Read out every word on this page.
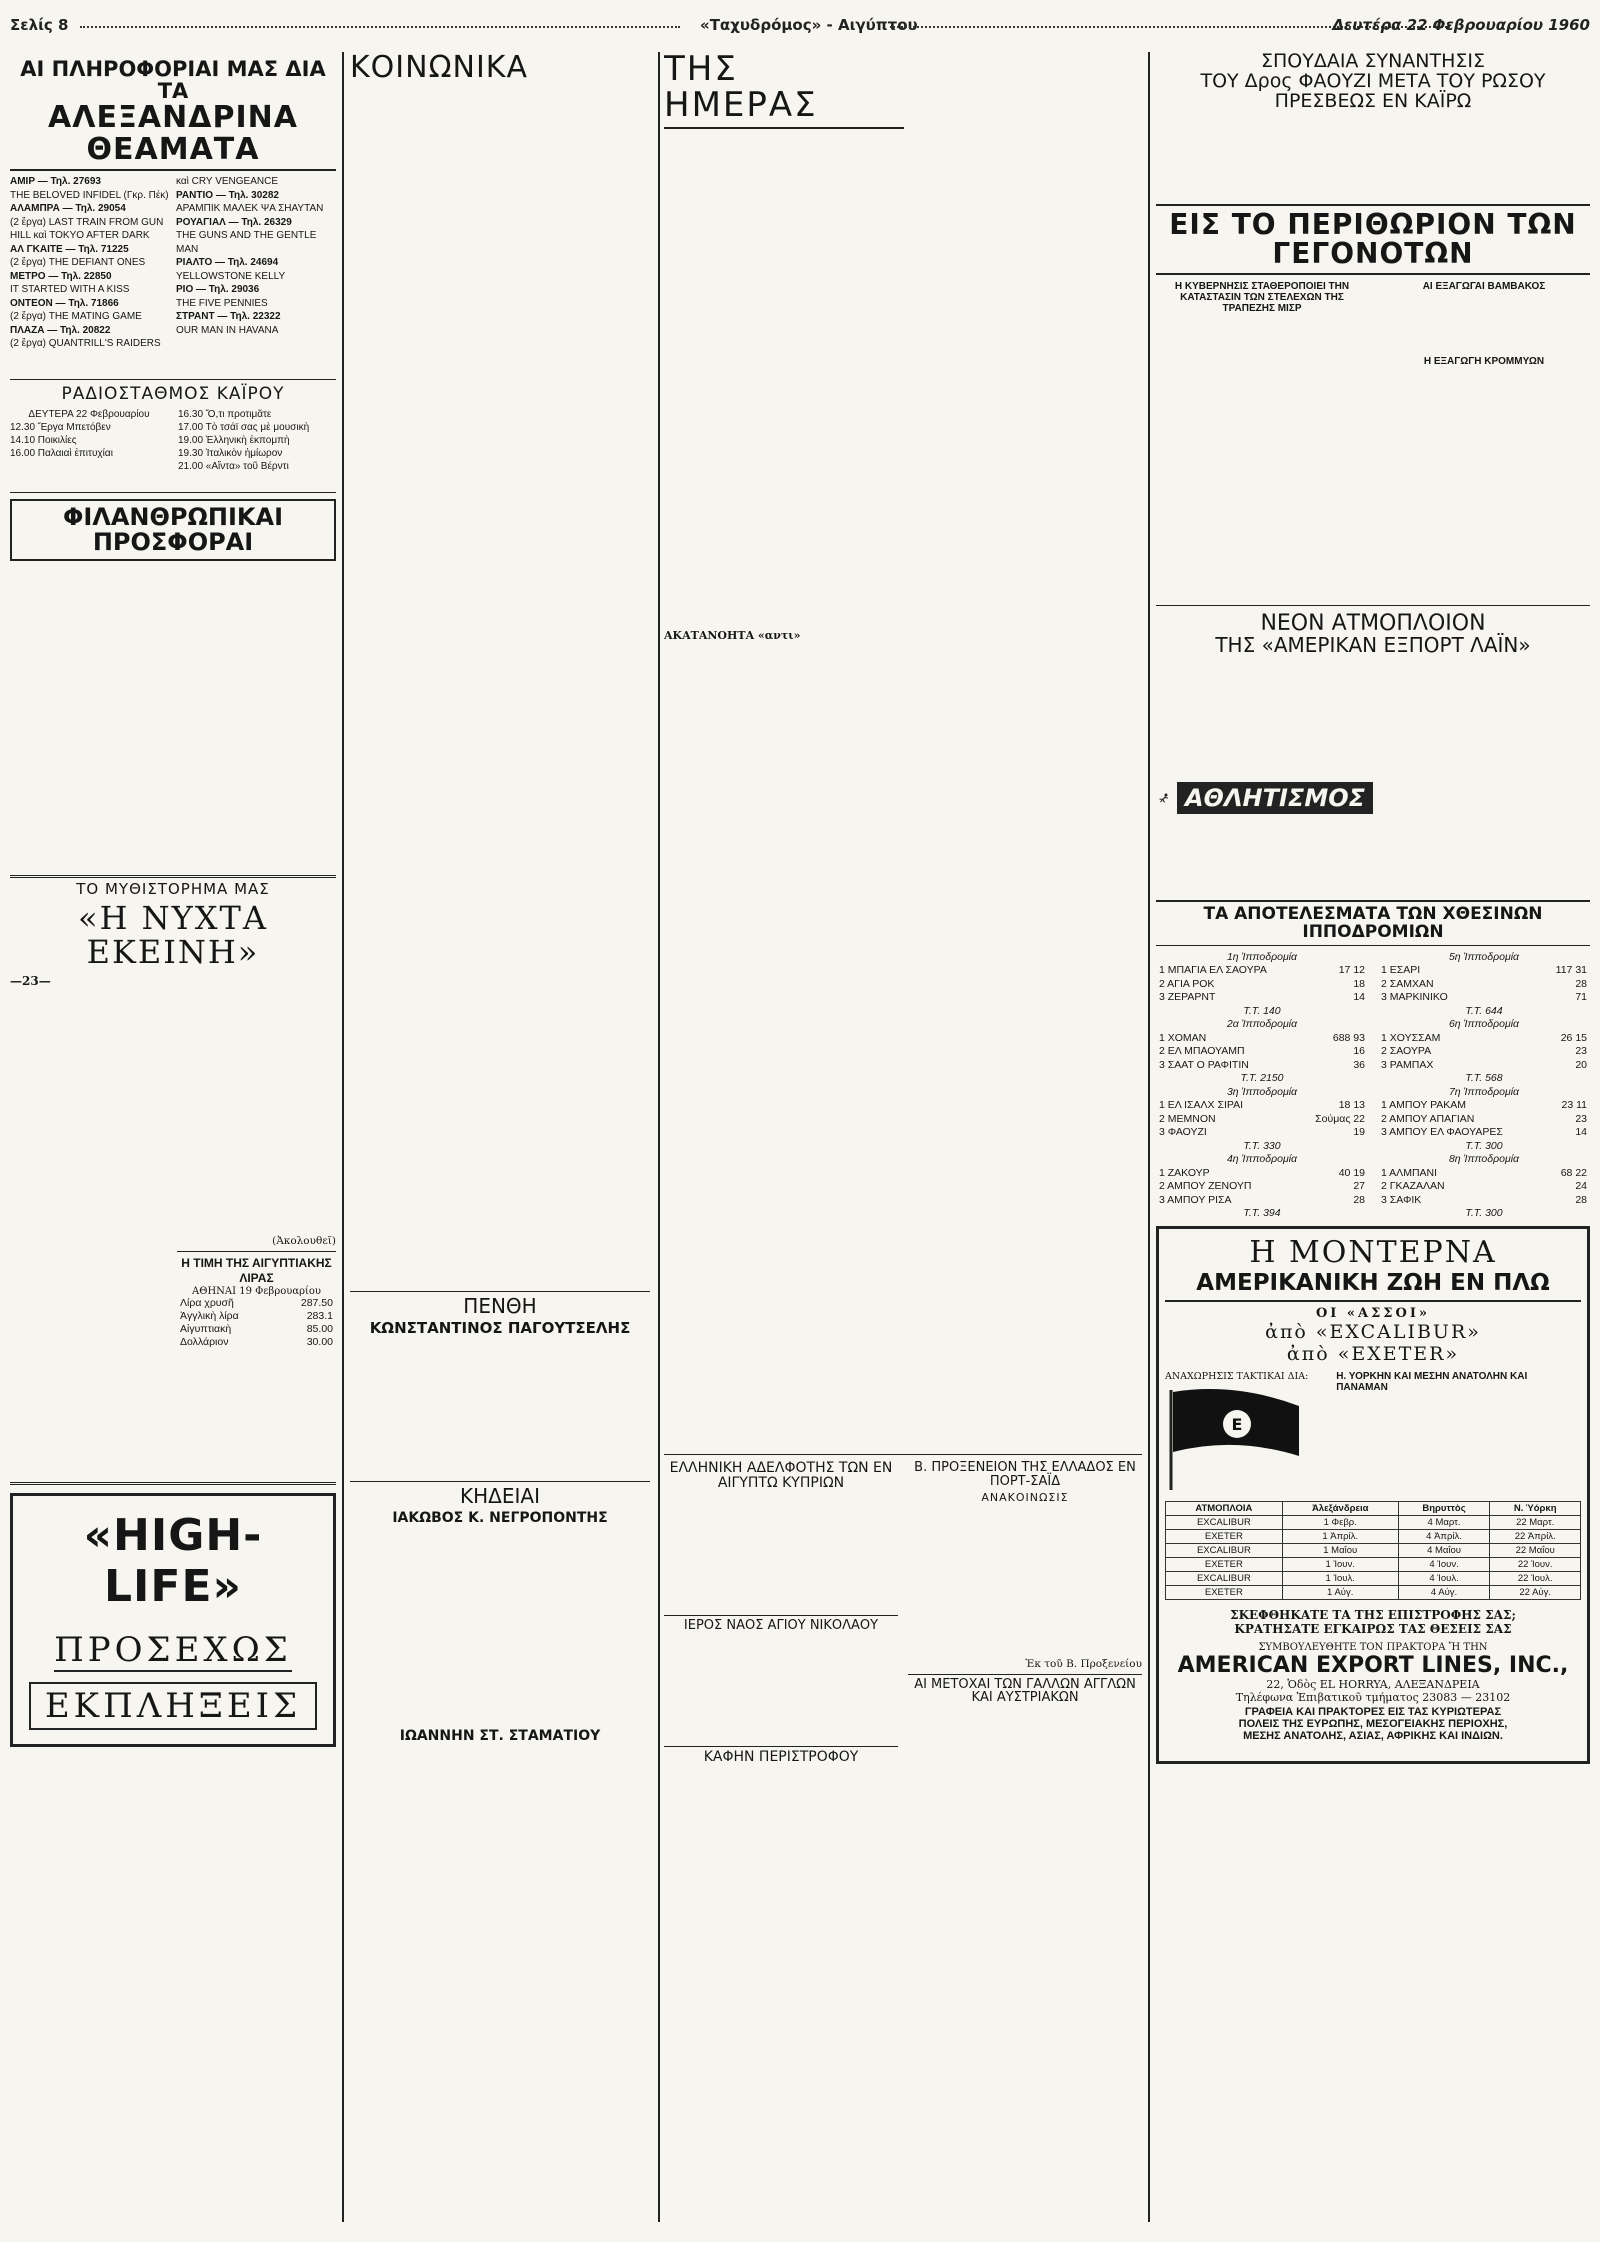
Σελίς 8	«Ταχυδρόμος» - Αιγύπτου	Δευτέρα 22 Φεβρουαρίου 1960
ΑΙ ΠΛΗΡΟΦΟΡΙΑΙ ΜΑΣ ΔΙΑ ΤΑ
ΑΛΕΞΑΝΔΡΙΝΑ ΘΕΑΜΑΤΑ
ΑΜΙΡ — Τηλ. 27693
THE BELOVED INFIDEL (Γκρ. Πέκ)
ΑΛΑΜΠΡΑ — Τηλ. 29054
(2 ἔργα) LAST TRAIN FROM GUN HILL καὶ TOKYO AFTER DARK
ΑΛ ΓΚΑΙΤΕ — Τηλ. 71225
(2 ἔργα) THE DEFIANT ONES
ΜΕΤΡΟ — Τηλ. 22850
IT STARTED WITH A KISS
ΟΝΤΕΟΝ — Τηλ. 71866
(2 ἔργα) THE MATING GAME
ΠΛΑΖΑ — Τηλ. 20822
(2 ἔργα) QUANTRILL'S RAIDERS
καὶ CRY VENGEANCE
ΡΑΝΤΙΟ — Τηλ. 30282
ΑΡΑΜΠΙΚ ΜΑΛΕΚ ΨΑ ΣΗΑΥΤΑΝ
ΡΟΥΑΓΙΑΛ — Τηλ. 26329
THE GUNS AND THE GENTLE MAN
ΡΙΑΛΤΟ — Τηλ. 24694
YELLOWSTONE KELLY
ΡΙΟ — Τηλ. 29036
THE FIVE PENNIES
ΣΤΡΑΝΤ — Τηλ. 22322
OUR MAN IN HAVANA
ΡΑΔΙΟΣΤΑΘΜΟΣ ΚΑΪΡΟΥ
ΔΕΥΤΕΡΑ 22 Φεβρουαρίου
12.30 Ἔργα Μπετόβεν
14.10 Ποικιλίες
16.00 Παλαιαὶ ἐπιτυχίαι
16.30 Ὅ,τι προτιμᾶτε
17.00 Τὸ τσάϊ σας μὲ μουσικὴ
19.00 Ἑλληνικὴ ἐκπομπὴ
19.30 Ἰταλικὸν ἡμίωρον
21.00 «Αἴντα» τοῦ Βέρντι
ΦΙΛΑΝΘΡΩΠΙΚΑΙ ΠΡΟΣΦΟΡΑΙ
ΤΟ ΜΥΘΙΣΤΟΡΗΜΑ ΜΑΣ
«Η ΝΥΧΤΑ ΕΚΕΙΝΗ»
—23—
(Ἀκολουθεῖ)
Η ΤΙΜΗ ΤΗΣ ΑΙΓΥΠΤΙΑΚΗΣ ΛΙΡΑΣ
ΑΘΗΝΑΙ 19 Φεβρουαρίου
Λίρα χρυσῆ	287.50
Ἀγγλικὴ λίρα	283.1
Αἰγυπτιακὴ	85.00
Δολλάριον	30.00
«HIGH-LIFE»
ΠΡΟΣΕΧΩΣ
ΕΚΠΛΗΞΕΙΣ
ΚΟΙΝΩΝΙΚΑ
ΠΕΝΘΗ
ΚΩΝΣΤΑΝΤΙΝΟΣ ΠΑΓΟΥΤΣΕΛΗΣ
ΚΗΔΕΙΑΙ
ΙΑΚΩΒΟΣ Κ. ΝΕΓΡΟΠΟΝΤΗΣ
ΙΩΑΝΝΗΝ ΣΤ. ΣΤΑΜΑΤΙΟΥ
ΤΗΣ ΗΜΕΡΑΣ
ΑΚΑΤΑΝΟΗΤΑ «αντι»
ΕΛΛΗΝΙΚΗ ΑΔΕΛΦΟΤΗΣ ΤΩΝ ΕΝ ΑΙΓΥΠΤΩ ΚΥΠΡΙΩΝ
ΙΕΡΟΣ ΝΑΟΣ ΑΓΙΟΥ ΝΙΚΟΛΑΟΥ
ΚΑΦΗΝ ΠΕΡΙΣΤΡΟΦΟΥ
Β. ΠΡΟΞΕΝΕΙΟΝ ΤΗΣ ΕΛΛΑΔΟΣ ΕΝ ΠΟΡΤ-ΣΑΪΔ
ΑΝΑΚΟΙΝΩΣΙΣ
Ἐκ τοῦ Β. Προξενείου
ΑΙ ΜΕΤΟΧΑΙ ΤΩΝ ΓΑΛΛΩΝ ΑΓΓΛΩΝ ΚΑΙ ΑΥΣΤΡΙΑΚΩΝ
ΣΠΟΥΔΑΙΑ ΣΥΝΑΝΤΗΣΙΣ
ΤΟΥ Δρος ΦΑΟΥΖΙ ΜΕΤΑ ΤΟΥ ΡΩΣΟΥ
ΠΡΕΣΒΕΩΣ ΕΝ ΚΑΪΡΩ
ΕΙΣ ΤΟ ΠΕΡΙΘΩΡΙΟΝ ΤΩΝ ΓΕΓΟΝΟΤΩΝ
Η ΚΥΒΕΡΝΗΣΙΣ ΣΤΑΘΕΡΟΠΟΙΕΙ ΤΗΝ ΚΑΤΑΣΤΑΣΙΝ ΤΩΝ ΣΤΕΛΕΧΩΝ ΤΗΣ ΤΡΑΠΕΖΗΣ ΜΙΣΡ
ΑΙ ΕΞΑΓΩΓΑΙ ΒΑΜΒΑΚΟΣ
Η ΕΞΑΓΩΓΗ ΚΡΟΜΜΥΩΝ
ΝΕΟΝ ΑΤΜΟΠΛΟΙΟΝ
ΤΗΣ «ΑΜΕΡΙΚΑΝ ΕΞΠΟΡΤ ΛΑΪΝ»
ΑΘΛΗΤΙΣΜΟΣ
ΤΑ ΑΠΟΤΕΛΕΣΜΑΤΑ ΤΩΝ ΧΘΕΣΙΝΩΝ ΙΠΠΟΔΡΟΜΙΩΝ
1η Ἱπποδρομία	
1 ΜΠΑΓΙΑ ΕΛ ΣΑΟΥΡΑ	17 12
2 ΑΓΙΑ ΡΟΚ	18
3 ΖΕΡΑΡΝΤ	14
Τ.Τ. 140	
2α Ἱπποδρομία	
1 ΧΟΜΑΝ	688 93
2 ΕΛ ΜΠΑΟΥΑΜΠ	16
3 ΣΑΑΤ Ο ΡΑΦΙΤΙΝ	36
Τ.Τ. 2150	
3η Ἱπποδρομία	
1 ΕΛ ΙΣΑΛΧ ΣΙΡΑΙ	18 13
2 ΜΕΜΝΟΝ	Σούμας 22
3 ΦΑΟΥΖΙ	19
Τ.Τ. 330	
4η Ἱπποδρομία	
1 ΖΑΚΟΥΡ	40 19
2 ΑΜΠΟΥ ΖΕΝΟΥΠ	27
3 ΑΜΠΟΥ ΡΙΣΑ	28
Τ.Τ. 394	
5η Ἱπποδρομία	
1 ΕΣΑΡΙ	117 31
2 ΣΑΜΧΑΝ	28
3 ΜΑΡΚΙΝΙΚΟ	71
Τ.Τ. 644	
6η Ἱπποδρομία	
1 ΧΟΥΣΣΑΜ	26 15
2 ΣΑΟΥΡΑ	23
3 ΡΑΜΠΑΧ	20
Τ.Τ. 568	
7η Ἱπποδρομία	
1 ΑΜΠΟΥ ΡΑΚΑΜ	23 11
2 ΑΜΠΟΥ ΑΠΑΓΙΑΝ	23
3 ΑΜΠΟΥ ΕΛ ΦΑΟΥΑΡΕΣ	14
Τ.Τ. 300	
8η Ἱπποδρομία	
1 ΑΛΜΠΑΝΙ	68 22
2 ΓΚΑΖΑΛΑΝ	24
3 ΣΑΦΙΚ	28
Τ.Τ. 300	
Η ΜΟΝΤΕΡΝΑ
ΑΜΕΡΙΚΑΝΙΚΗ ΖΩΗ ΕΝ ΠΛΩ
ΟΙ «ΑΣΣΟΙ»
ἀπὸ «EXCALIBUR»
ἀπὸ «EXETER»
ΑΝΑΧΩΡΗΣΙΣ ΤΑΚΤΙΚΑΙ ΔΙΑ:
E
Η. ΥΟΡΚΗΝ ΚΑΙ ΜΕΣΗΝ ΑΝΑΤΟΛΗΝ ΚΑΙ ΠΑΝΑΜΑΝ
ΑΤΜΟΠΛΟΙΑ	Ἀλεξάνδρεια	Βηρυττὸς	Ν. Ὑόρκη
EXCALIBUR	1 Φεβρ.	4 Μαρτ.	22 Μαρτ.
EXETER	1 Ἀπρίλ.	4 Ἀπρίλ.	22 Ἀπρίλ.
EXCALIBUR	1 Μαΐου	4 Μαΐου	22 Μαΐου
EXETER	1 Ἰουν.	4 Ἰουν.	22 Ἰουν.
EXCALIBUR	1 Ἰουλ.	4 Ἰουλ.	22 Ἰουλ.
EXETER	1 Αὐγ.	4 Αὐγ.	22 Αὐγ.
ΣΚΕΦΘΗΚΑΤΕ ΤΑ ΤΗΣ ΕΠΙΣΤΡΟΦΗΣ ΣΑΣ;
ΚΡΑΤΗΣΑΤΕ ΕΓΚΑΙΡΩΣ ΤΑΣ ΘΕΣΕΙΣ ΣΑΣ
ΣΥΜΒΟΥΛΕΥΘΗΤΕ ΤΟΝ ΠΡΑΚΤΟΡΑ Ἤ ΤΗΝ
AMERICAN EXPORT LINES, INC.,
22, Ὁδὸς EL HORRYA, ΑΛΕΞΑΝΔΡΕΙΑ
Τηλέφωνα Ἐπιβατικοῦ τμήματος 23083 — 23102
ΓΡΑΦΕΙΑ ΚΑΙ ΠΡΑΚΤΟΡΕΣ ΕΙΣ ΤΑΣ ΚΥΡΙΩΤΕΡΑΣ
ΠΟΛΕΙΣ ΤΗΣ ΕΥΡΩΠΗΣ, ΜΕΣΟΓΕΙΑΚΗΣ ΠΕΡΙΟΧΗΣ,
ΜΕΣΗΣ ΑΝΑΤΟΛΗΣ, ΑΣΙΑΣ, ΑΦΡΙΚΗΣ ΚΑΙ ΙΝΔΙΩΝ.
